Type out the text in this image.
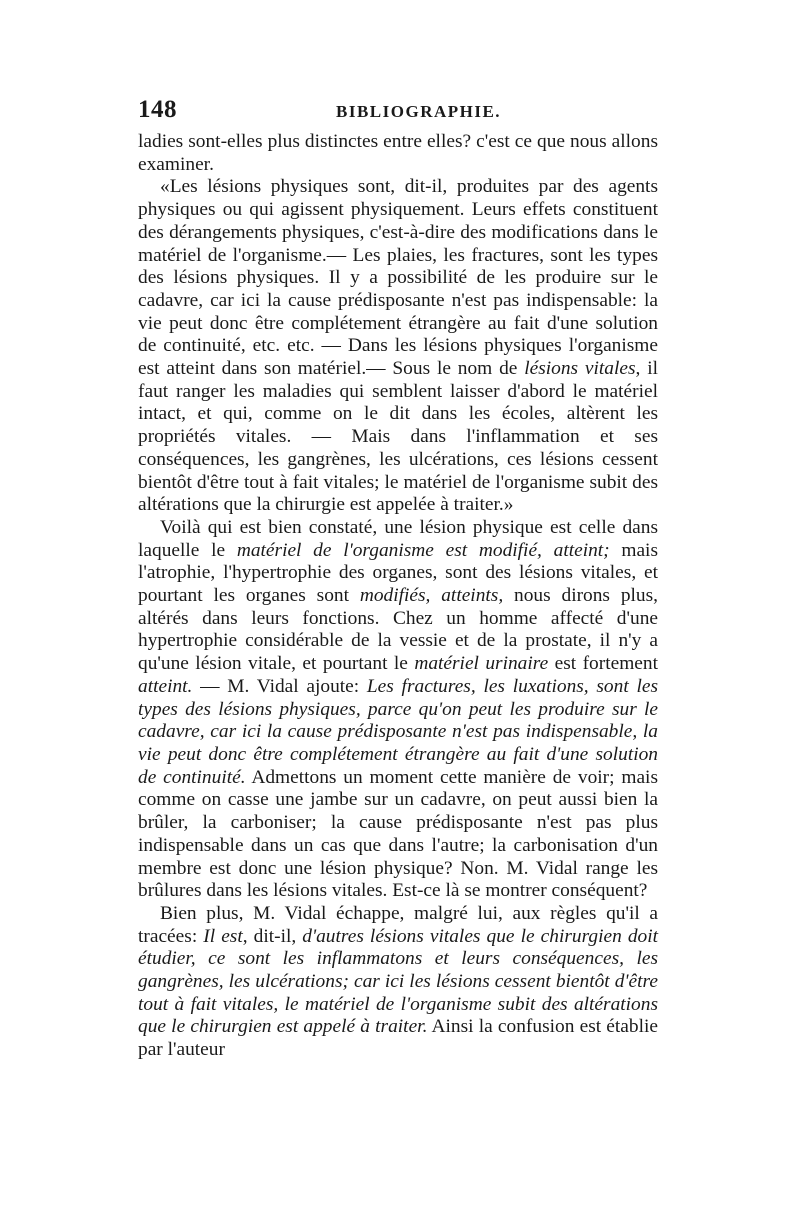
148	BIBLIOGRAPHIE.

ladies sont-elles plus distinctes entre elles? c'est ce que nous allons examiner.

«Les lésions physiques sont, dit-il, produites par des agents physiques ou qui agissent physiquement. Leurs effets constituent des dérangements physiques, c'est-à-dire des modifications dans le matériel de l'organisme.— Les plaies, les fractures, sont les types des lésions physiques. Il y a possibilité de les produire sur le cadavre, car ici la cause prédisposante n'est pas indispensable: la vie peut donc être complétement étrangère au fait d'une solution de continuité, etc. etc. — Dans les lésions physiques l'organisme est atteint dans son matériel.— Sous le nom de lésions vitales, il faut ranger les maladies qui semblent laisser d'abord le matériel intact, et qui, comme on le dit dans les écoles, altèrent les propriétés vitales. — Mais dans l'inflammation et ses conséquences, les gangrènes, les ulcérations, ces lésions cessent bientôt d'être tout à fait vitales; le matériel de l'organisme subit des altérations que la chirurgie est appelée à traiter.»

Voilà qui est bien constaté, une lésion physique est celle dans laquelle le matériel de l'organisme est modifié, atteint; mais l'atrophie, l'hypertrophie des organes, sont des lésions vitales, et pourtant les organes sont modifiés, atteints, nous dirons plus, altérés dans leurs fonctions. Chez un homme affecté d'une hypertrophie considérable de la vessie et de la prostate, il n'y a qu'une lésion vitale, et pourtant le matériel urinaire est fortement atteint. — M. Vidal ajoute: Les fractures, les luxations, sont les types des lésions physiques, parce qu'on peut les produire sur le cadavre, car ici la cause prédisposante n'est pas indispensable, la vie peut donc être complétement étrangère au fait d'une solution de continuité. Admettons un moment cette manière de voir; mais comme on casse une jambe sur un cadavre, on peut aussi bien la brûler, la carboniser; la cause prédisposante n'est pas plus indispensable dans un cas que dans l'autre; la carbonisation d'un membre est donc une lésion physique? Non. M. Vidal range les brûlures dans les lésions vitales. Est-ce là se montrer conséquent?

Bien plus, M. Vidal échappe, malgré lui, aux règles qu'il a tracées: Il est, dit-il, d'autres lésions vitales que le chirurgien doit étudier, ce sont les inflammatons et leurs conséquences, les gangrènes, les ulcérations; car ici les lésions cessent bientôt d'être tout à fait vitales, le matériel de l'organisme subit des altérations que le chirurgien est appelé à traiter. Ainsi la confusion est établie par l'auteur
